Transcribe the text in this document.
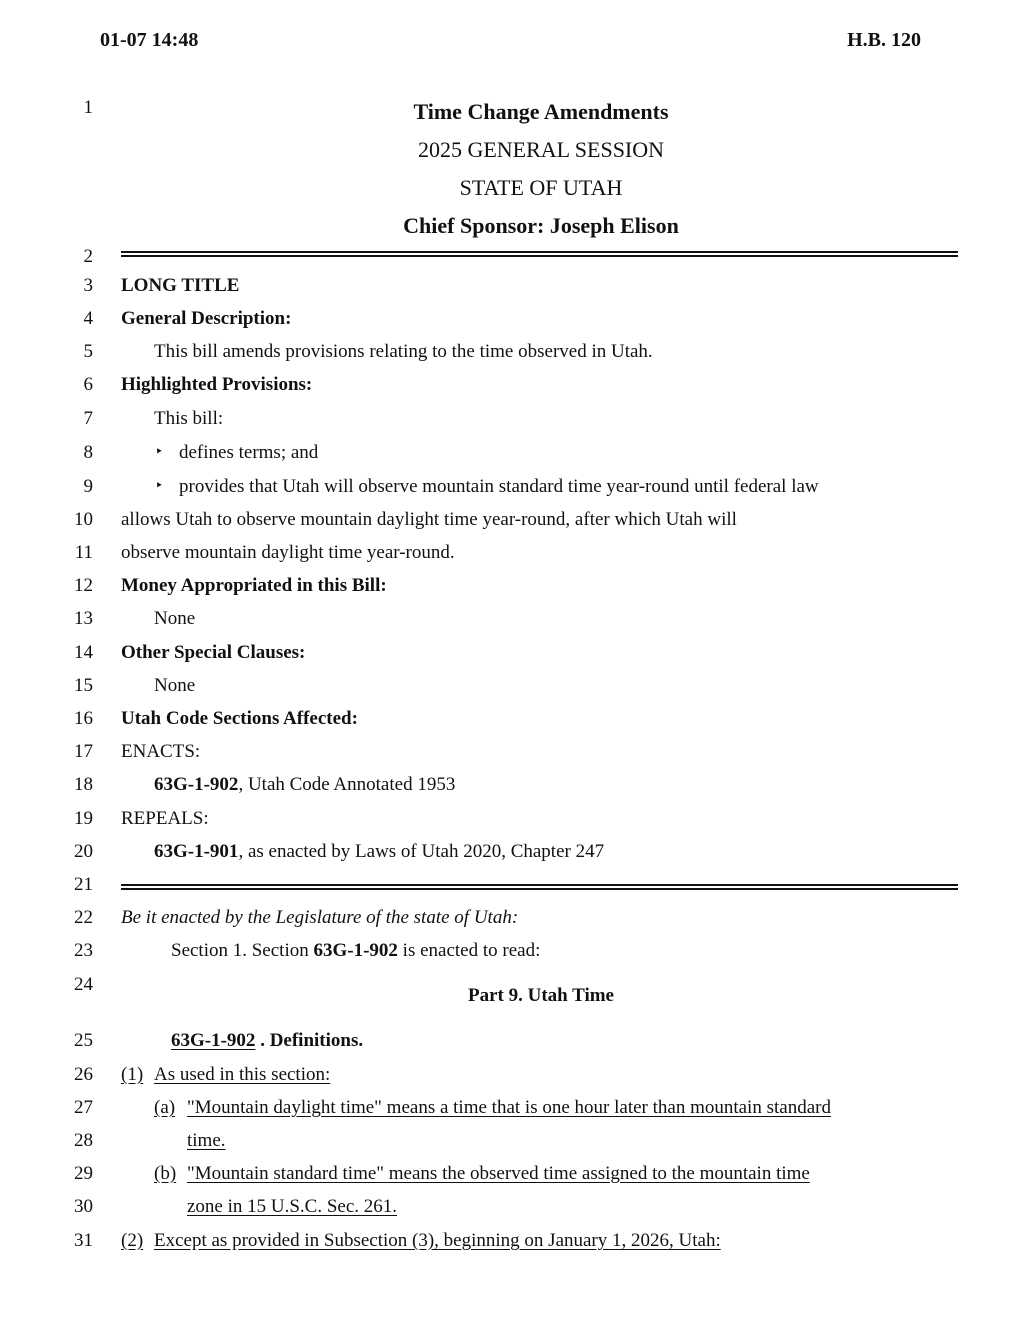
01-07 14:48	H.B. 120
1
2
3
4
5
6
7
8
9
10
11
12
13
14
15
16
17
18
19
20
21
22
23
24
25
26
27
28
29
30
31
Time Change Amendments
2025 GENERAL SESSION
STATE OF UTAH
Chief Sponsor: Joseph Elison
LONG TITLE
General Description:
This bill amends provisions relating to the time observed in Utah.
Highlighted Provisions:
This bill:
‣ defines terms; and
‣ provides that Utah will observe mountain standard time year-round until federal law
allows Utah to observe mountain daylight time year-round, after which Utah will
observe mountain daylight time year-round.
Money Appropriated in this Bill:
None
Other Special Clauses:
None
Utah Code Sections Affected:
ENACTS:
63G-1-902, Utah Code Annotated 1953
REPEALS:
63G-1-901, as enacted by Laws of Utah 2020, Chapter 247
Be it enacted by the Legislature of the state of Utah:
Section 1. Section 63G-1-902 is enacted to read:
Part 9. Utah Time
63G-1-902 . Definitions.
(1) As used in this section:
(a) "Mountain daylight time" means a time that is one hour later than mountain standard
time.
(b) "Mountain standard time" means the observed time assigned to the mountain time
zone in 15 U.S.C. Sec. 261.
(2) Except as provided in Subsection (3), beginning on January 1, 2026, Utah:
